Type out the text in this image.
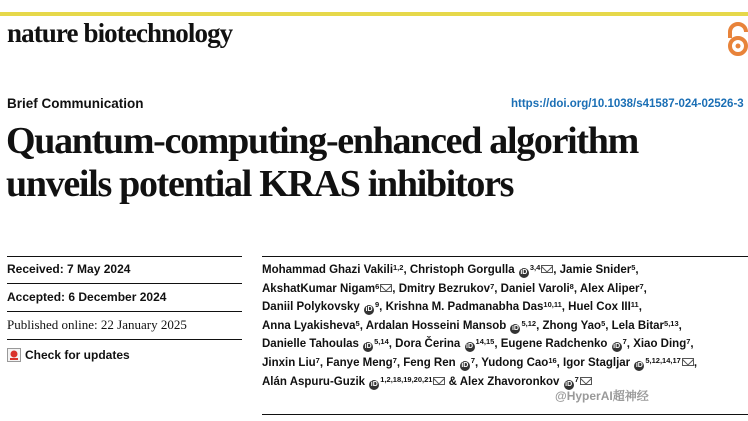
nature biotechnology
Brief Communication	https://doi.org/10.1038/s41587-024-02526-3
Quantum-computing-enhanced algorithm
unveils potential KRAS inhibitors
Received: 7 May 2024
Accepted: 6 December 2024
Published online: 22 January 2025
Check for updates
Mohammad Ghazi Vakili$^{1,2}$, Christoph Gorgulla iD$^{3,4}$ , Jamie Snider$^5$,
AkshatKumar Nigam$^6$ , Dmitry Bezrukov$^7$, Daniel Varoli$^8$, Alex Aliper$^7$,
Daniil Polykovsky $iD^9$, Krishna M. Padmanabha Das$^{10,11}$, Huel Cox III$^{11}$,
Anna Lyakisheva$^5$, Ardalan Hosseini Mansob iD$^{5,12}$, Zhong Yao$^5$, Lela Bitar$^{5,13}$,
Danielle Tahoulas iD$^{5,14}$, Dora Čerina iD$^{14,15}$, Eugene Radchenko $iD^7$, Xiao Ding$^7$,
Jinxin Liu$^7$, Fanye Meng$^7$, Feng Ren $iD^7$, Yudong Cao$^{16}$, Igor Stagljar iD$^{5,12,14,17}$ ,
Alán Aspuru-Guzik iD$^{1,2,18,19,20,21}$ & Alex Zhavoronkov $iD^7$
@HyperAI超神经
